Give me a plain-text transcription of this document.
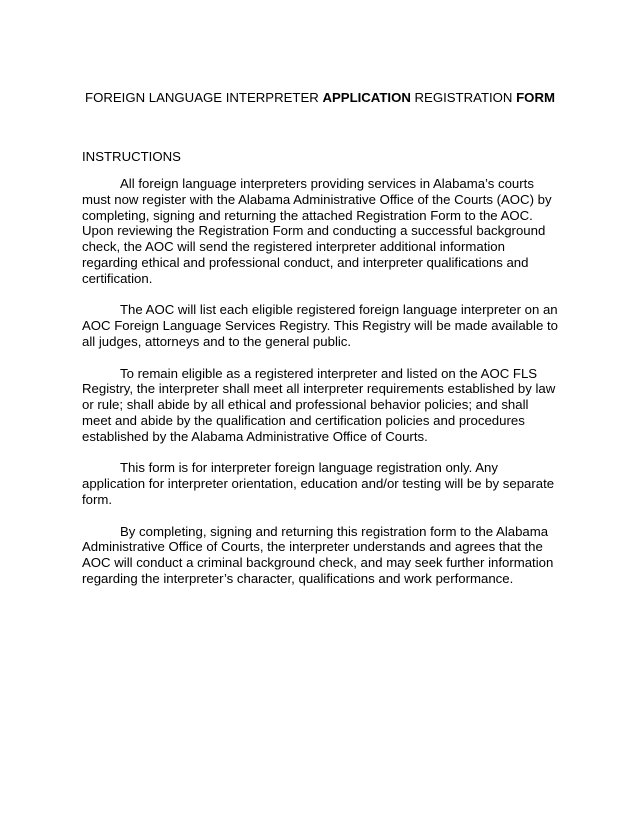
FOREIGN LANGUAGE INTERPRETER APPLICATION REGISTRATION FORM
INSTRUCTIONS

All foreign language interpreters providing services in Alabama’s courts must now register with the Alabama Administrative Office of the Courts (AOC) by completing, signing and returning the attached Registration Form to the AOC. Upon reviewing the Registration Form and conducting a successful background check, the AOC will send the registered interpreter additional information regarding ethical and professional conduct, and interpreter qualifications and certification.

The AOC will list each eligible registered foreign language interpreter on an AOC Foreign Language Services Registry. This Registry will be made available to all judges, attorneys and to the general public.

To remain eligible as a registered interpreter and listed on the AOC FLS Registry, the interpreter shall meet all interpreter requirements established by law or rule; shall abide by all ethical and professional behavior policies; and shall meet and abide by the qualification and certification policies and procedures established by the Alabama Administrative Office of Courts.

This form is for interpreter foreign language registration only. Any application for interpreter orientation, education and/or testing will be by separate form.

By completing, signing and returning this registration form to the Alabama Administrative Office of Courts, the interpreter understands and agrees that the AOC will conduct a criminal background check, and may seek further information regarding the interpreter’s character, qualifications and work performance.
